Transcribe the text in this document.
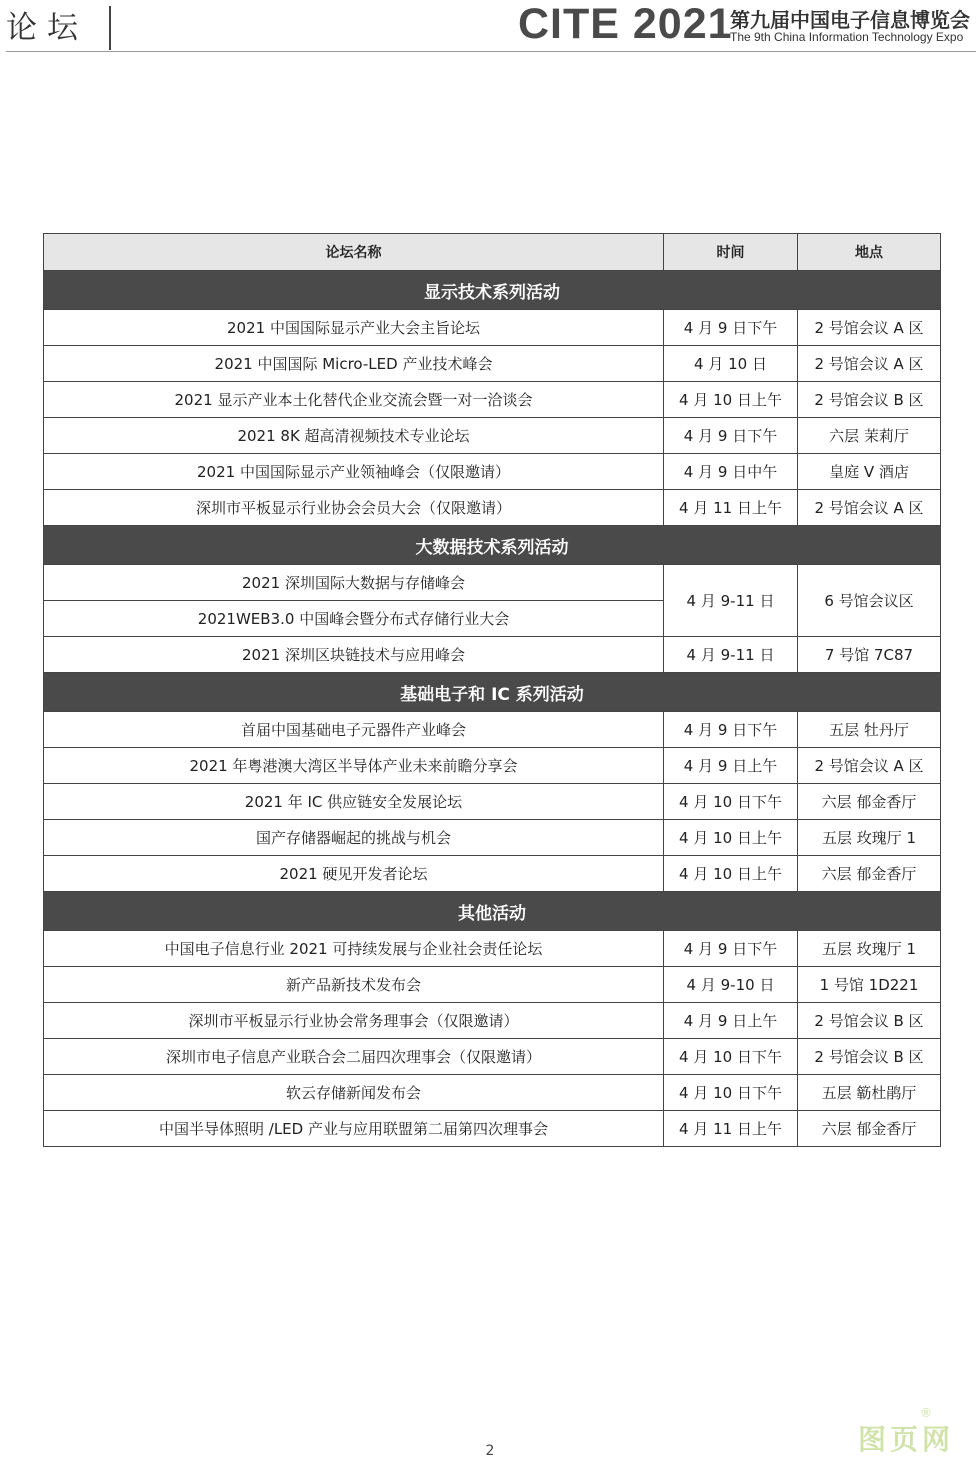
论坛	CITE 2021
第九届中国电子信息博览会
The 9th China Information Technology Expo
论坛名称	时间	地点
显示技术系列活动		
2021 中国国际显示产业大会主旨论坛	4 月 9 日下午	2 号馆会议 A 区
2021 中国国际 Micro-LED 产业技术峰会	4 月 10 日	2 号馆会议 A 区
2021 显示产业本土化替代企业交流会暨一对一洽谈会	4 月 10 日上午	2 号馆会议 B 区
2021 8K 超高清视频技术专业论坛	4 月 9 日下午	六层 茉莉厅
2021 中国国际显示产业领袖峰会（仅限邀请）	4 月 9 日中午	皇庭 V 酒店
深圳市平板显示行业协会会员大会（仅限邀请）	4 月 11 日上午	2 号馆会议 A 区
大数据技术系列活动		
2021 深圳国际大数据与存储峰会	4 月 9-11 日	6 号馆会议区
2021WEB3.0 中国峰会暨分布式存储行业大会		
2021 深圳区块链技术与应用峰会	4 月 9-11 日	7 号馆 7C87
基础电子和 IC 系列活动		
首届中国基础电子元器件产业峰会	4 月 9 日下午	五层 牡丹厅
2021 年粤港澳大湾区半导体产业未来前瞻分享会	4 月 9 日上午	2 号馆会议 A 区
2021 年 IC 供应链安全发展论坛	4 月 10 日下午	六层 郁金香厅
国产存储器崛起的挑战与机会	4 月 10 日上午	五层 玫瑰厅 1
2021 硬见开发者论坛	4 月 10 日上午	六层 郁金香厅
其他活动		
中国电子信息行业 2021 可持续发展与企业社会责任论坛	4 月 9 日下午	五层 玫瑰厅 1
新产品新技术发布会	4 月 9-10 日	1 号馆 1D221
深圳市平板显示行业协会常务理事会（仅限邀请）	4 月 9 日上午	2 号馆会议 B 区
深圳市电子信息产业联合会二届四次理事会（仅限邀请）	4 月 10 日下午	2 号馆会议 B 区
软云存储新闻发布会	4 月 10 日下午	五层 簕杜鹃厅
中国半导体照明 /LED 产业与应用联盟第二届第四次理事会	4 月 11 日上午	六层 郁金香厅
2	图页网
®
